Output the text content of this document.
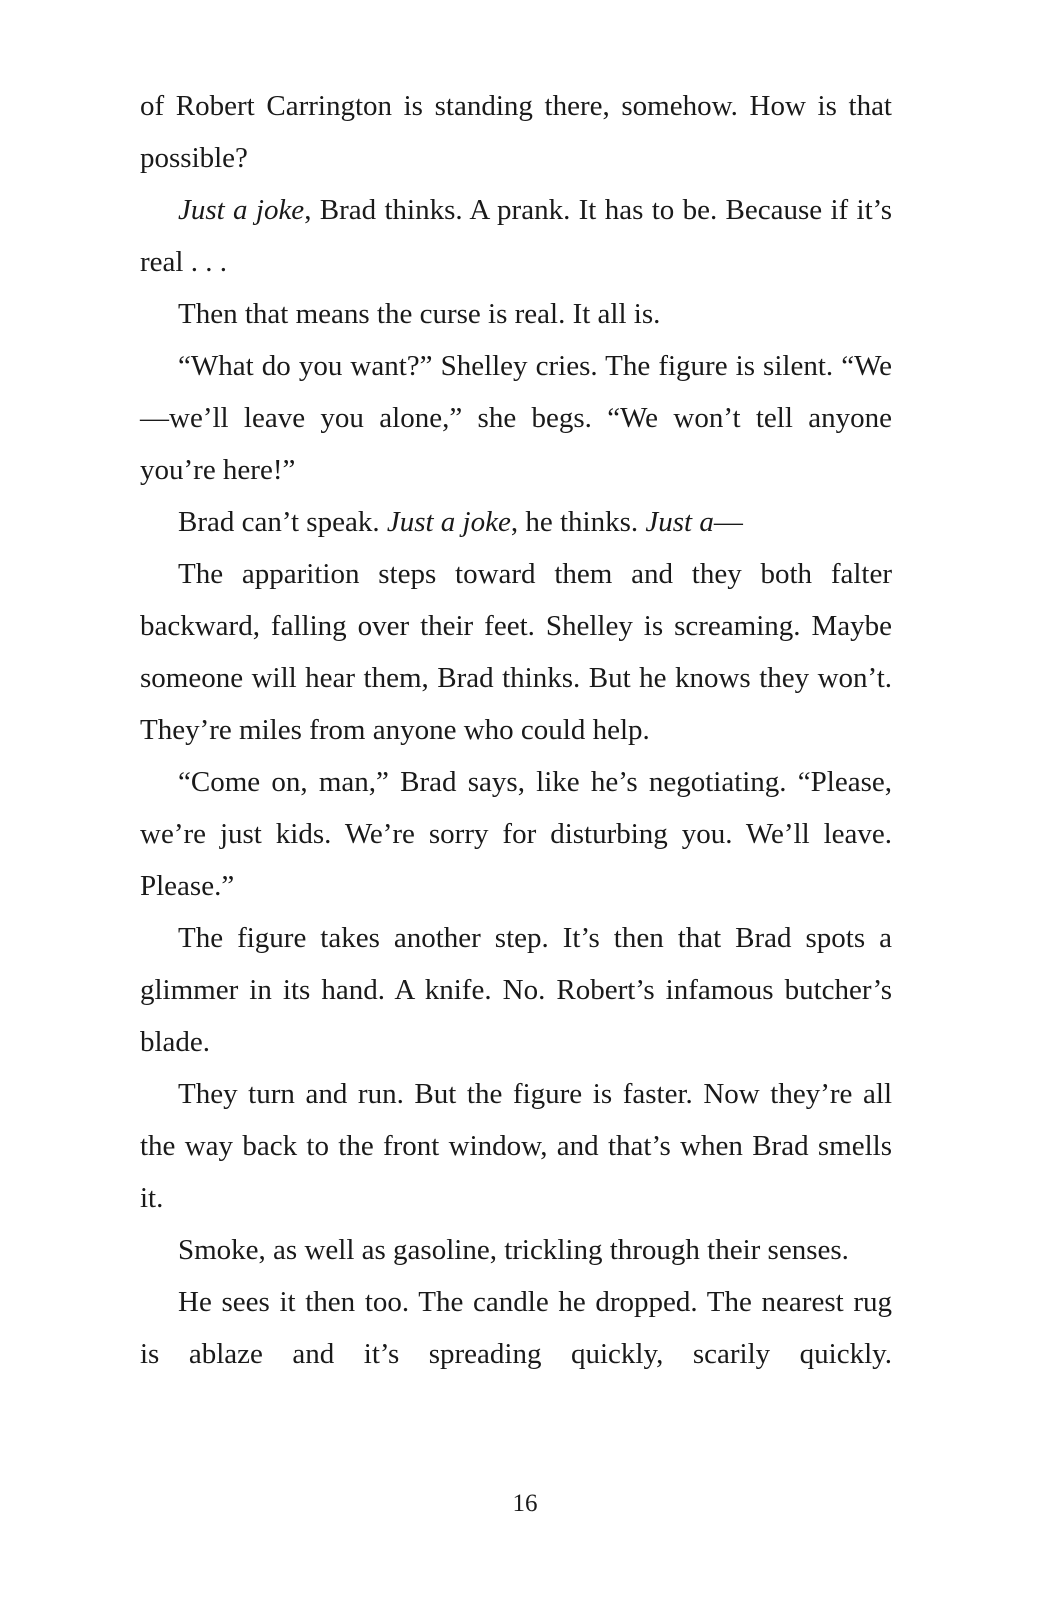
of Robert Carrington is standing there, somehow. How is that possible?

Just a joke, Brad thinks. A prank. It has to be. Because if it’s real . . .

Then that means the curse is real. It all is.

“What do you want?” Shelley cries. The figure is silent. “We—we’ll leave you alone,” she begs. “We won’t tell anyone you’re here!”

Brad can’t speak. Just a joke, he thinks. Just a—

The apparition steps toward them and they both falter backward, falling over their feet. Shelley is screaming. Maybe someone will hear them, Brad thinks. But he knows they won’t. They’re miles from anyone who could help.

“Come on, man,” Brad says, like he’s negotiating. “Please, we’re just kids. We’re sorry for disturbing you. We’ll leave. Please.”

The figure takes another step. It’s then that Brad spots a glimmer in its hand. A knife. No. Robert’s infamous butcher’s blade.

They turn and run. But the figure is faster. Now they’re all the way back to the front window, and that’s when Brad smells it.

Smoke, as well as gasoline, trickling through their senses.

He sees it then too. The candle he dropped. The nearest rug is ablaze and it’s spreading quickly, scarily quickly.

16
